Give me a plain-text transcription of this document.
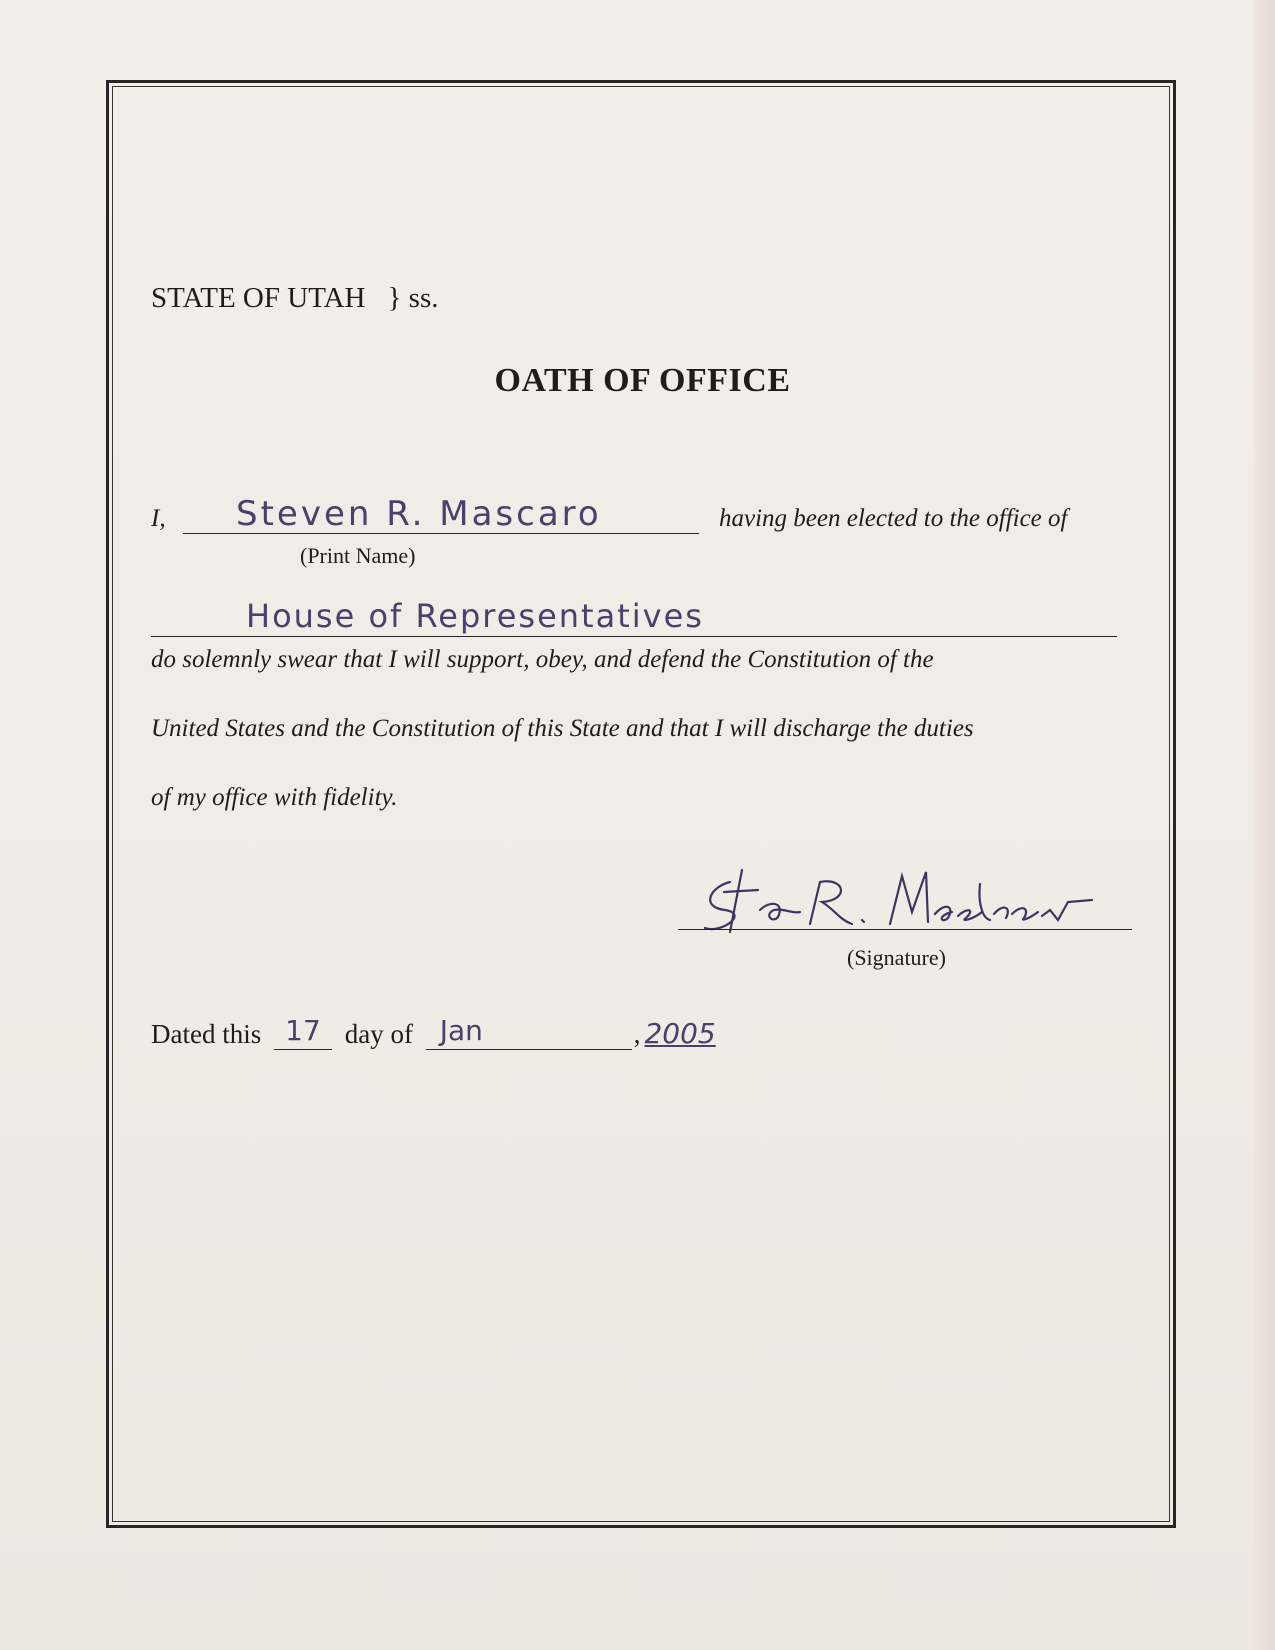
STATE OF UTAH } ss.
OATH OF OFFICE
I, Steven R. Mascaro	having been elected to the office of
(Print Name)
House of Representatives
do solemnly swear that I will support, obey, and defend the Constitution of the
United States and the Constitution of this State and that I will discharge the duties
of my office with fidelity.
(Signature)
Dated this 17 day of Jan	, 2005
